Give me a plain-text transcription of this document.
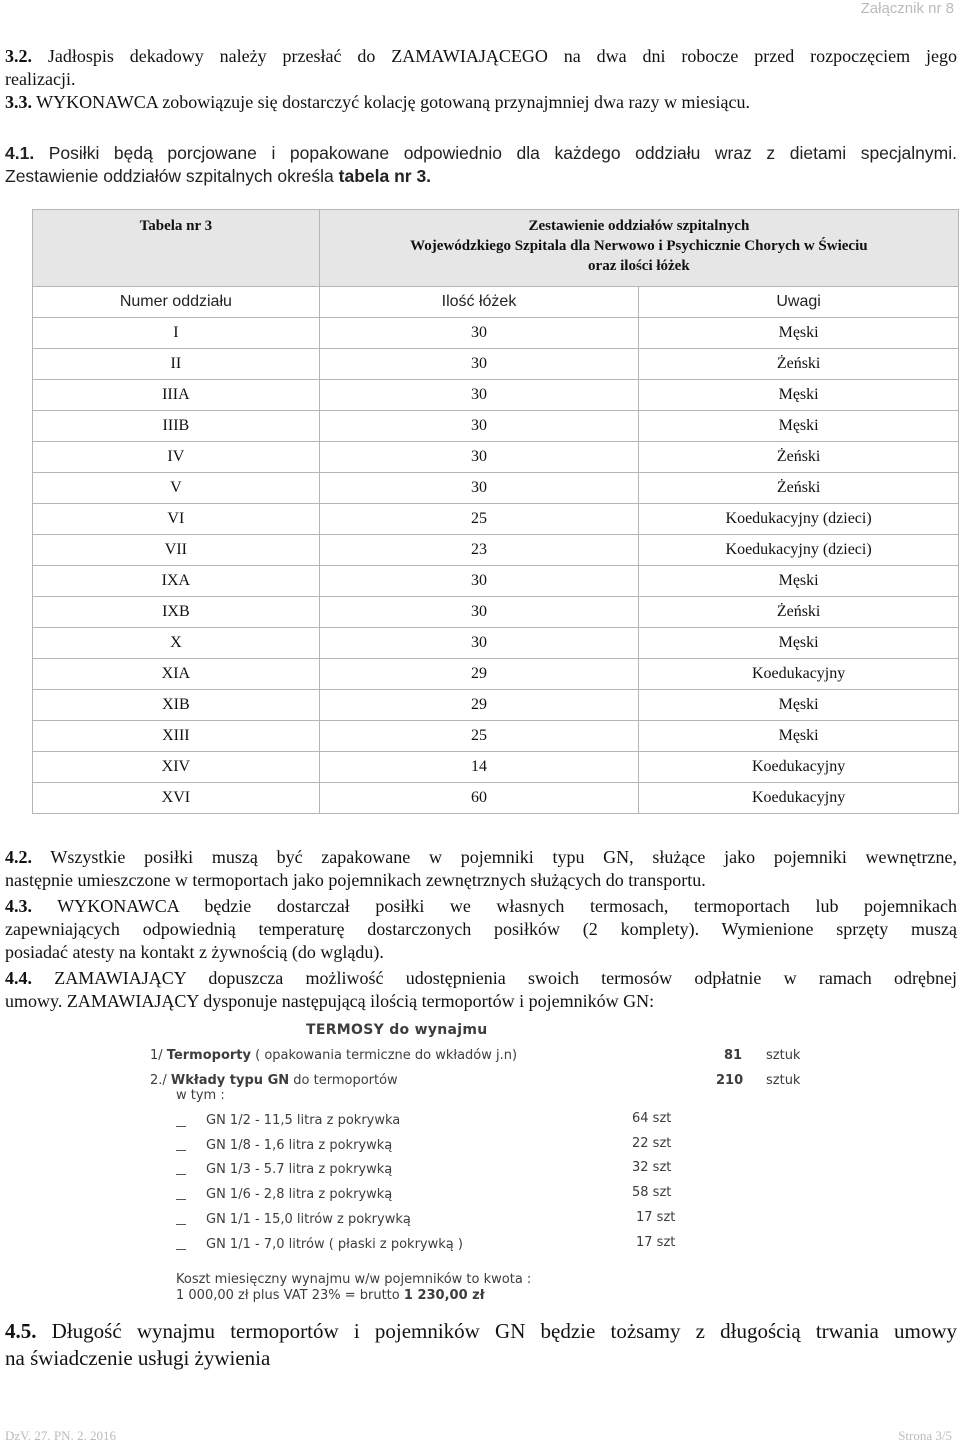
Załącznik nr 8
3.2. Jadłospis dekadowy należy przesłać do ZAMAWIAJĄCEGO na dwa dni robocze przed rozpoczęciem jego
realizacji.
3.3. WYKONAWCA zobowiązuje się dostarczyć kolację gotowaną przynajmniej dwa razy w miesiącu.
4.1. Posiłki będą porcjowane i popakowane odpowiednio dla każdego oddziału wraz z dietami specjalnymi.
Zestawienie oddziałów szpitalnych określa tabela nr 3.
Tabela nr 3	Zestawienie oddziałów szpitalnych
Wojewódzkiego Szpitala dla Nerwowo i Psychicznie Chorych w Świeciu
oraz ilości łóżek	

Numer oddziału	Ilość łóżek	Uwagi
I	30	Męski
II	30	Żeński
IIIA	30	Męski
IIIB	30	Męski
IV	30	Żeński
V	30	Żeński
VI	25	Koedukacyjny (dzieci)
VII	23	Koedukacyjny (dzieci)
IXA	30	Męski
IXB	30	Żeński
X	30	Męski
XIA	29	Koedukacyjny
XIB	29	Męski
XIII	25	Męski
XIV	14	Koedukacyjny
XVI	60	Koedukacyjny
4.2. Wszystkie posiłki muszą być zapakowane w pojemniki typu GN, służące jako pojemniki wewnętrzne,
następnie umieszczone w termoportach jako pojemnikach zewnętrznych służących do transportu.
4.3. WYKONAWCA będzie dostarczał posiłki we własnych termosach, termoportach lub pojemnikach
zapewniających odpowiednią temperaturę dostarczonych posiłków (2 komplety). Wymienione sprzęty muszą
posiadać atesty na kontakt z żywnością (do wglądu).
4.4. ZAMAWIAJĄCY dopuszcza możliwość udostępnienia swoich termosów odpłatnie w ramach odrębnej
umowy. ZAMAWIAJĄCY dysponuje następującą ilością termoportów i pojemników GN:
TERMOSY do wynajmu
1/ Termoporty ( opakowania termiczne do wkładów j.n)	81 sztuk
2./ Wkłady typu GN do termoportów	210 sztuk
w tym :
GN 1/2 - 11,5 litra z pokrywka	64 szt
GN 1/8 - 1,6 litra z pokrywką	22 szt
GN 1/3 - 5.7 litra z pokrywką	32 szt
GN 1/6 - 2,8 litra z pokrywką	58 szt
GN 1/1 - 15,0 litrów z pokrywką	17 szt
GN 1/1 - 7,0 litrów ( płaski z pokrywką )	17 szt
Koszt miesięczny wynajmu w/w pojemników to kwota :
1 000,00 zł plus VAT 23% = brutto 1 230,00 zł
4.5. Długość wynajmu termoportów i pojemników GN będzie tożsamy z długością trwania umowy
na świadczenie usługi żywienia
DzV. 27. PN. 2. 2016	Strona 3/5
